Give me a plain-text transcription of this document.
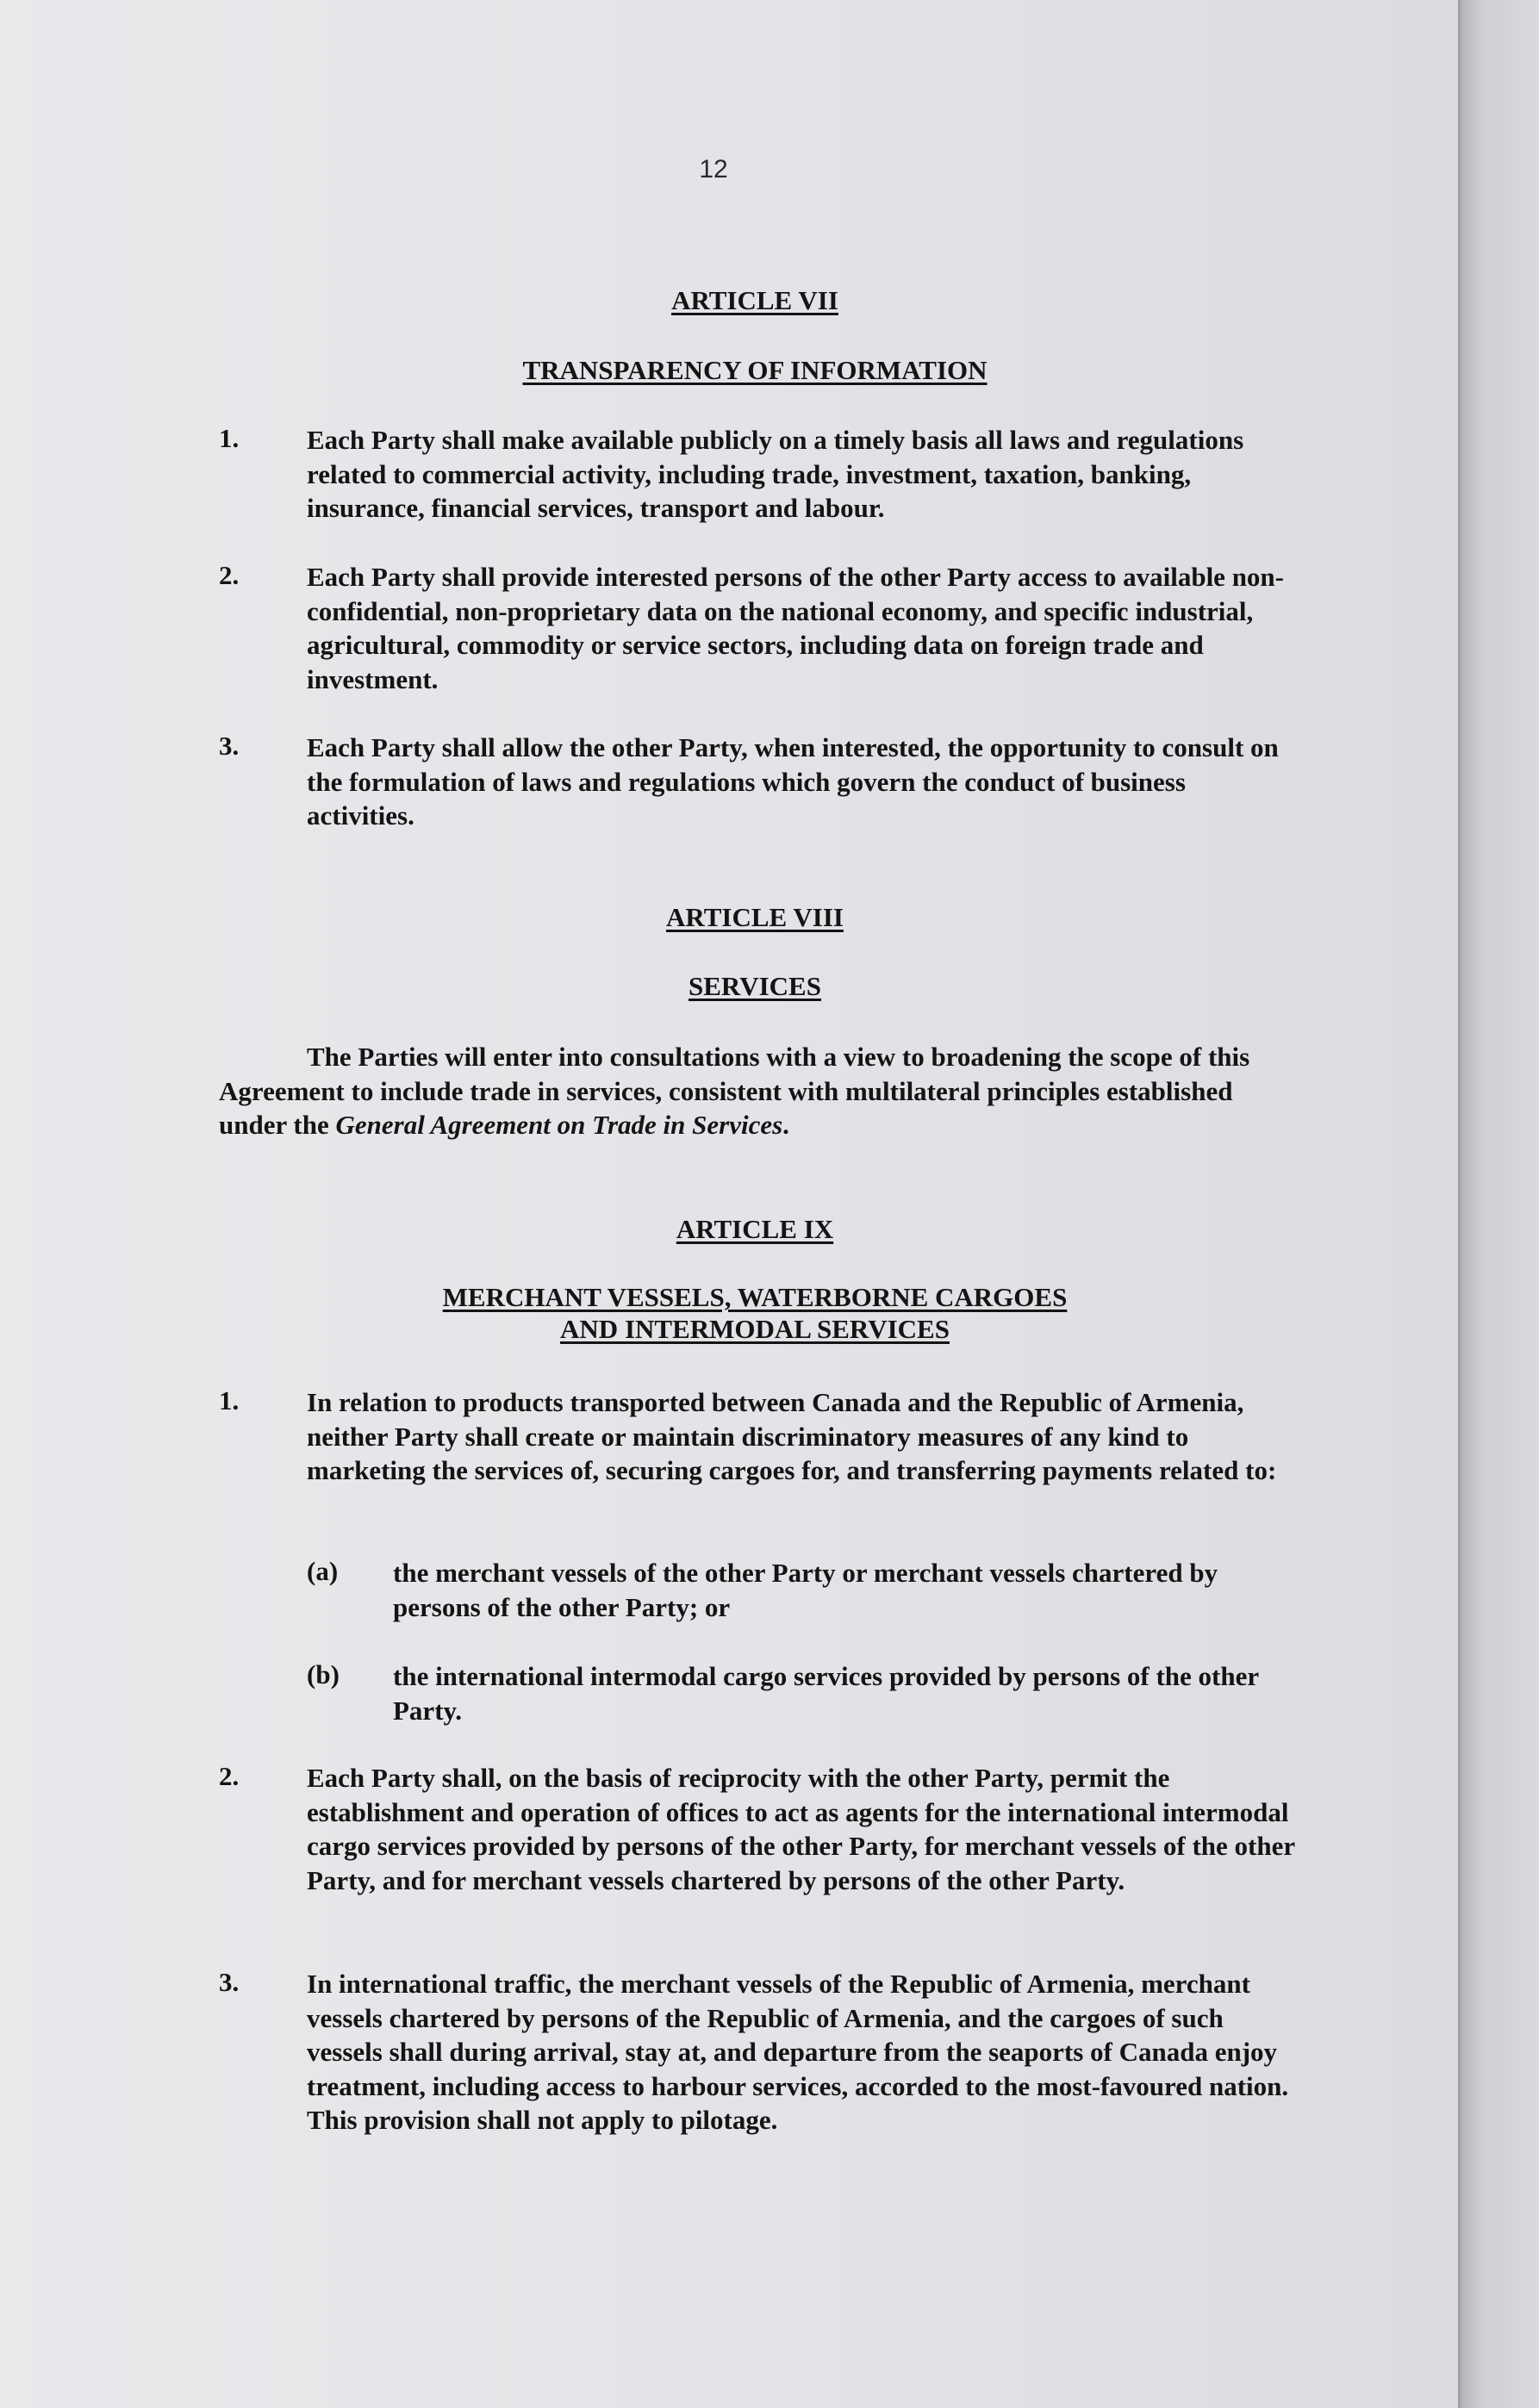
12
ARTICLE VII
TRANSPARENCY OF INFORMATION
1.	Each Party shall make available publicly on a timely basis all laws and regulations related to commercial activity, including trade, investment, taxation, banking, insurance, financial services, transport and labour.
2.	Each Party shall provide interested persons of the other Party access to available non-confidential, non-proprietary data on the national economy, and specific industrial, agricultural, commodity or service sectors, including data on foreign trade and investment.
3.	Each Party shall allow the other Party, when interested, the opportunity to consult on the formulation of laws and regulations which govern the conduct of business activities.
ARTICLE VIII
SERVICES
The Parties will enter into consultations with a view to broadening the scope of this Agreement to include trade in services, consistent with multilateral principles established under the General Agreement on Trade in Services.
ARTICLE IX
MERCHANT VESSELS, WATERBORNE CARGOES
AND INTERMODAL SERVICES
1.	In relation to products transported between Canada and the Republic of Armenia, neither Party shall create or maintain discriminatory measures of any kind to marketing the services of, securing cargoes for, and transferring payments related to:
(a) the merchant vessels of the other Party or merchant vessels chartered by persons of the other Party; or
(b) the international intermodal cargo services provided by persons of the other Party.
2.	Each Party shall, on the basis of reciprocity with the other Party, permit the establishment and operation of offices to act as agents for the international intermodal cargo services provided by persons of the other Party, for merchant vessels of the other Party, and for merchant vessels chartered by persons of the other Party.
3.	In international traffic, the merchant vessels of the Republic of Armenia, merchant vessels chartered by persons of the Republic of Armenia, and the cargoes of such vessels shall during arrival, stay at, and departure from the seaports of Canada enjoy treatment, including access to harbour services, accorded to the most-favoured nation. This provision shall not apply to pilotage.
